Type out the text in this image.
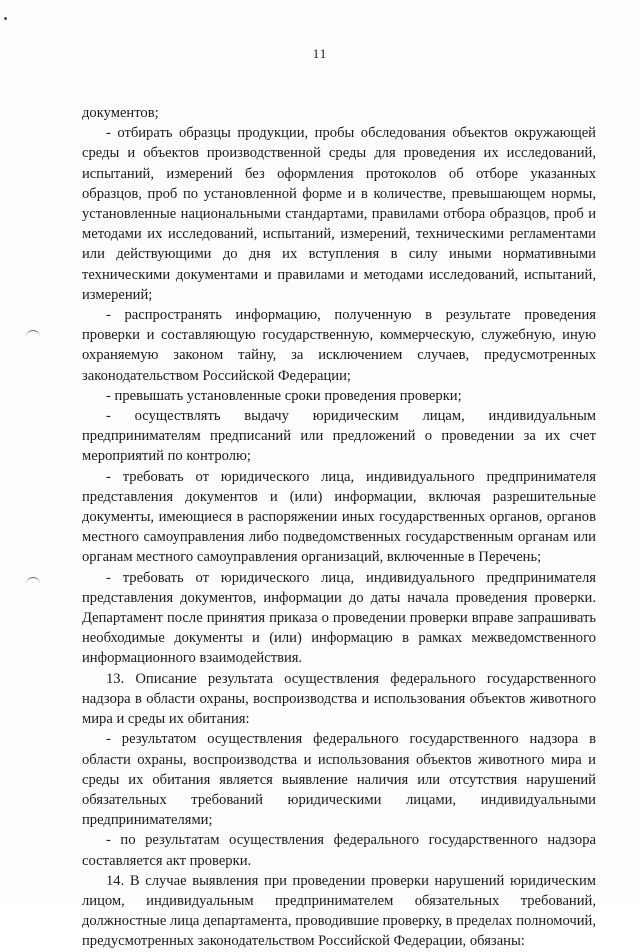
11

документов;

- отбирать образцы продукции, пробы обследования объектов окружающей среды и объектов производственной среды для проведения их исследований, испытаний, измерений без оформления протоколов об отборе указанных образцов, проб по установленной форме и в количестве, превышающем нормы, установленные национальными стандартами, правилами отбора образцов, проб и методами их исследований, испытаний, измерений, техническими регламентами или действующими до дня их вступления в силу иными нормативными техническими документами и правилами и методами исследований, испытаний, измерений;

- распространять информацию, полученную в результате проведения проверки и составляющую государственную, коммерческую, служебную, иную охраняемую законом тайну, за исключением случаев, предусмотренных законодательством Российской Федерации;

- превышать установленные сроки проведения проверки;

- осуществлять выдачу юридическим лицам, индивидуальным предпринимателям предписаний или предложений о проведении за их счет мероприятий по контролю;

- требовать от юридического лица, индивидуального предпринимателя представления документов и (или) информации, включая разрешительные документы, имеющиеся в распоряжении иных государственных органов, органов местного самоуправления либо подведомственных государственным органам или органам местного самоуправления организаций, включенные в Перечень;

- требовать от юридического лица, индивидуального предпринимателя представления документов, информации до даты начала проведения проверки. Департамент после принятия приказа о проведении проверки вправе запрашивать необходимые документы и (или) информацию в рамках межведомственного информационного взаимодействия.

13. Описание результата осуществления федерального государственного надзора в области охраны, воспроизводства и использования объектов животного мира и среды их обитания:

- результатом осуществления федерального государственного надзора в области охраны, воспроизводства и использования объектов животного мира и среды их обитания является выявление наличия или отсутствия нарушений обязательных требований юридическими лицами, индивидуальными предпринимателями;

- по результатам осуществления федерального государственного надзора составляется акт проверки.

14. В случае выявления при проведении проверки нарушений юридическим лицом, индивидуальным предпринимателем обязательных требований, должностные лица департамента, проводившие проверку, в пределах полномочий, предусмотренных законодательством Российской Федерации, обязаны:
